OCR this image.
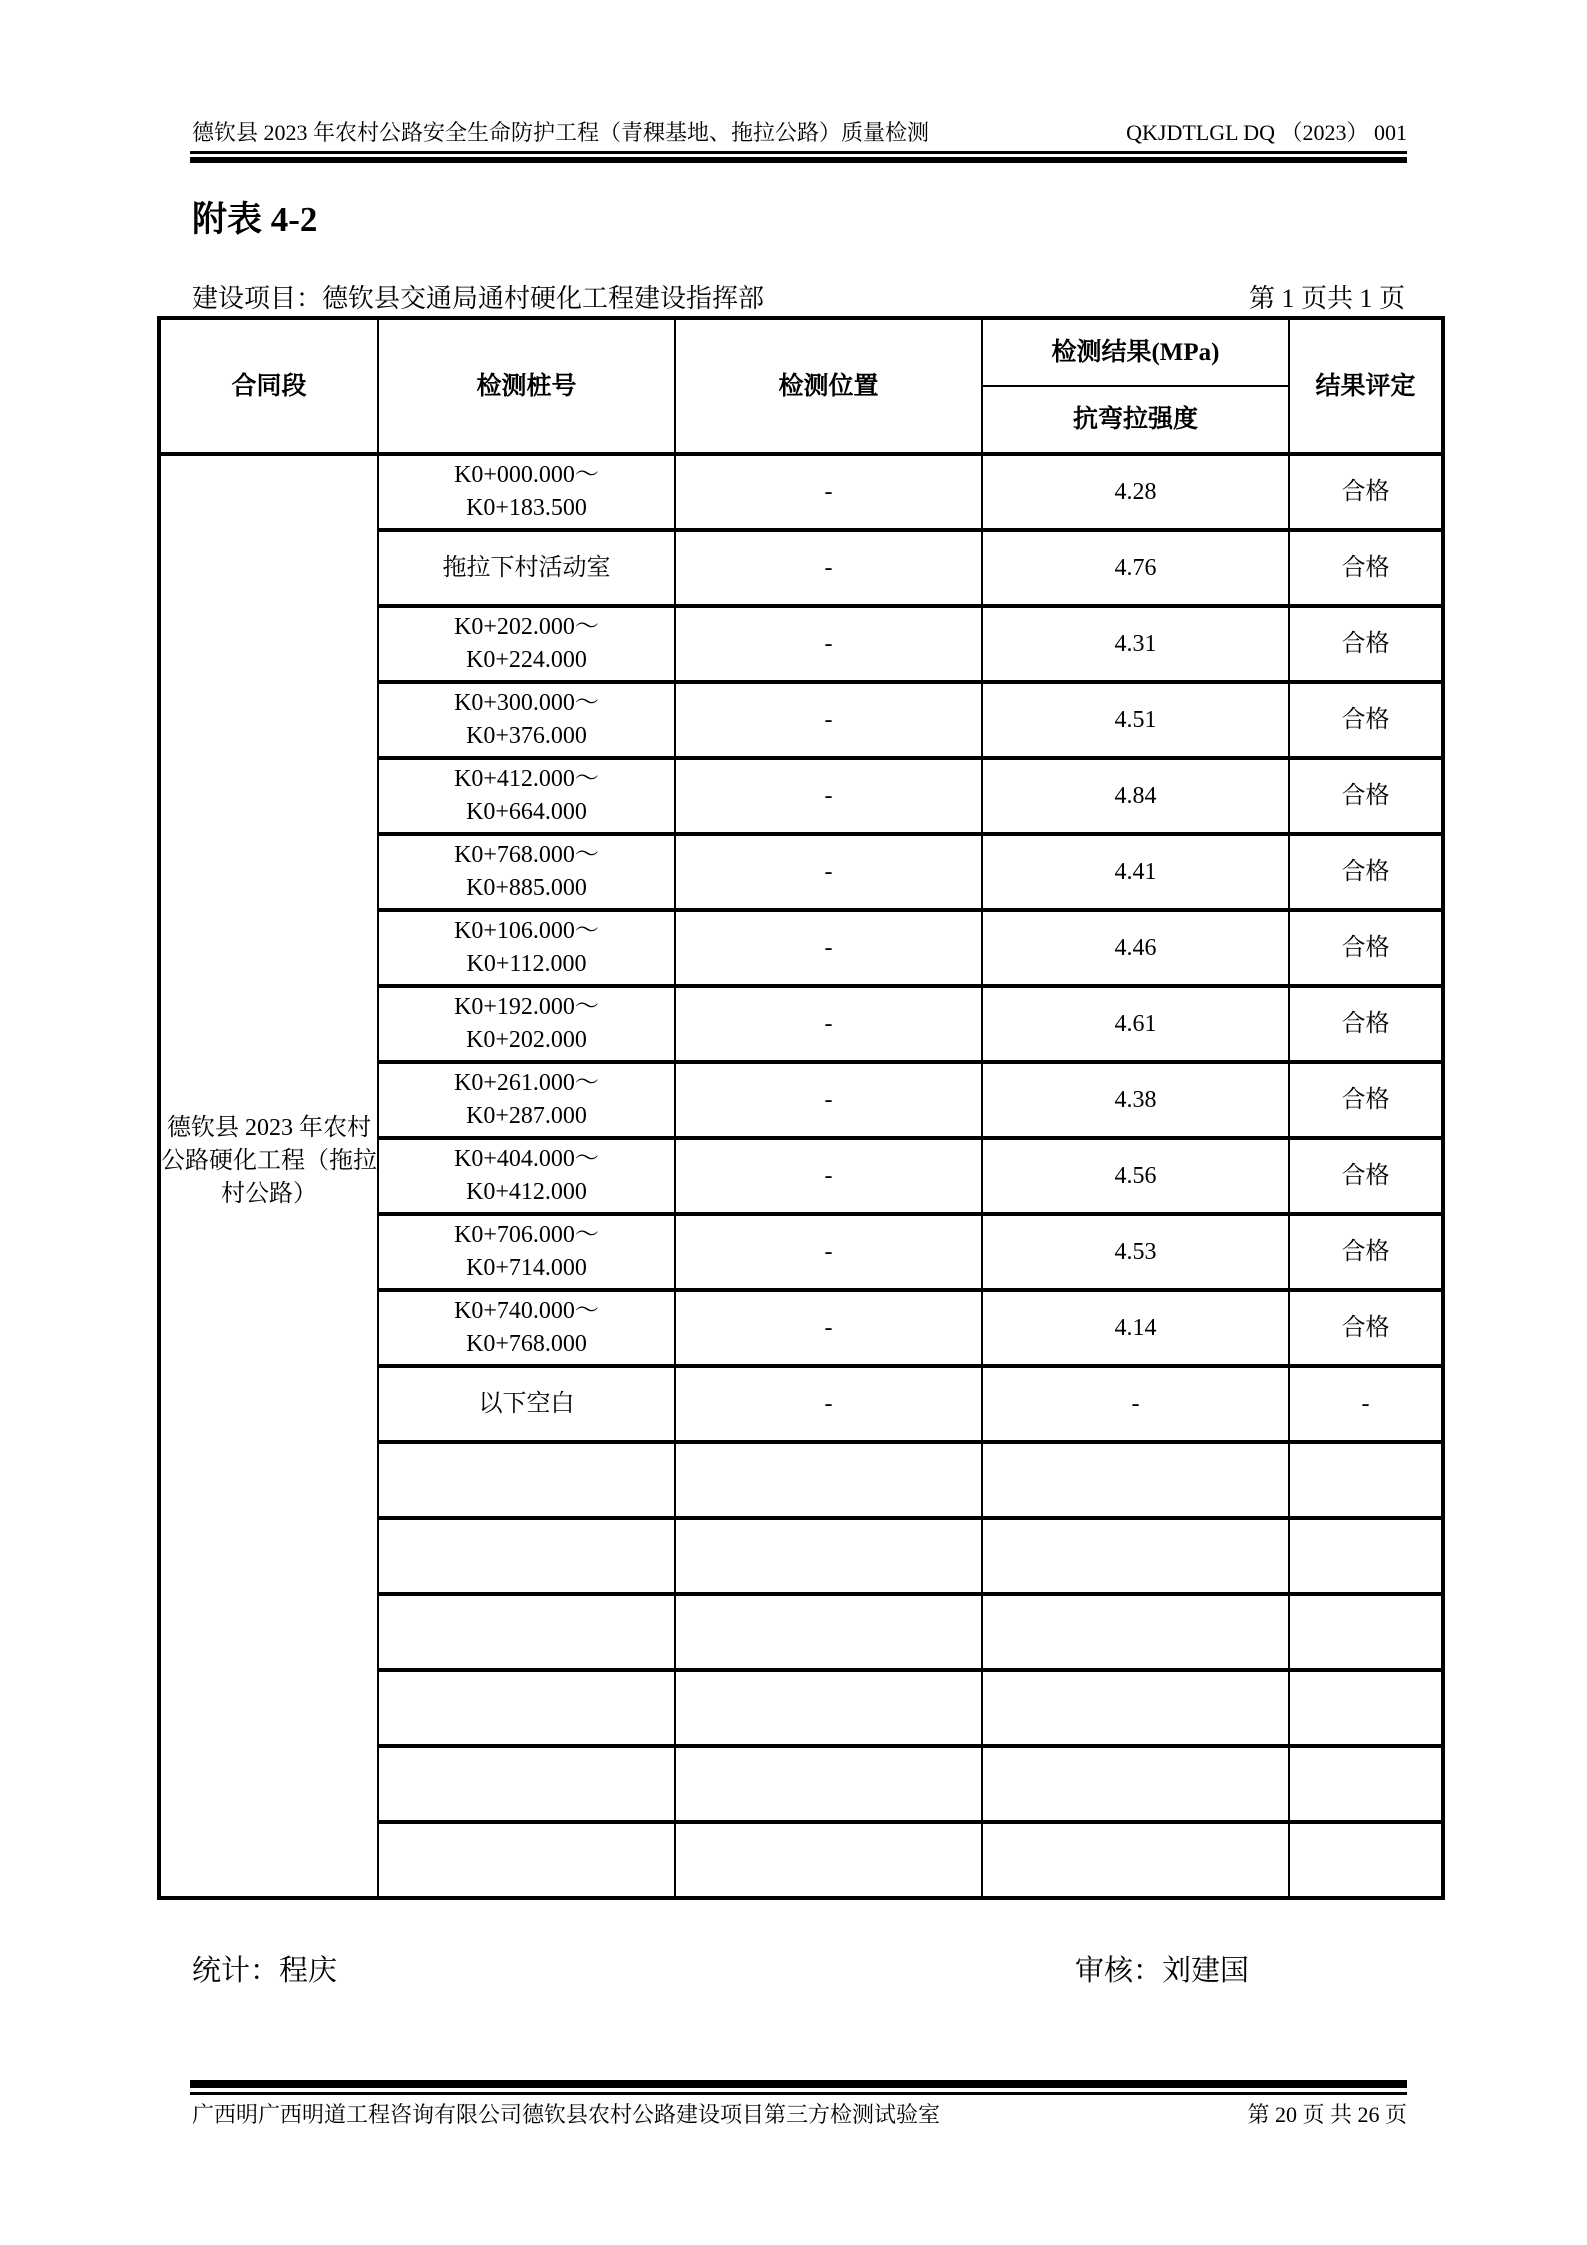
德钦县 2023 年农村公路安全生命防护工程（青稞基地、拖拉公路）质量检测	QKJDTLGL DQ （2023） 001
附表 4-2
建设项目：德钦县交通局通村硬化工程建设指挥部	第 1 页共 1 页
合同段	检测桩号	检测位置	检测结果(MPa)	结果评定
			抗弯拉强度	
德钦县 2023 年农村公路硬化工程（拖拉村公路）	K0+000.000～
K0+183.500	-	4.28	合格

	拖拉下村活动室	-	4.76	合格

	K0+202.000～
K0+224.000	-	4.31	合格

	K0+300.000～
K0+376.000	-	4.51	合格

	K0+412.000～
K0+664.000	-	4.84	合格

	K0+768.000～
K0+885.000	-	4.41	合格

	K0+106.000～
K0+112.000	-	4.46	合格

	K0+192.000～
K0+202.000	-	4.61	合格

	K0+261.000～
K0+287.000	-	4.38	合格

	K0+404.000～
K0+412.000	-	4.56	合格

	K0+706.000～
K0+714.000	-	4.53	合格

	K0+740.000～
K0+768.000	-	4.14	合格

	以下空白	-	-	-

统计：程庆	审核：刘建国
广西明广西明道工程咨询有限公司德钦县农村公路建设项目第三方检测试验室	第 20 页 共 26 页
